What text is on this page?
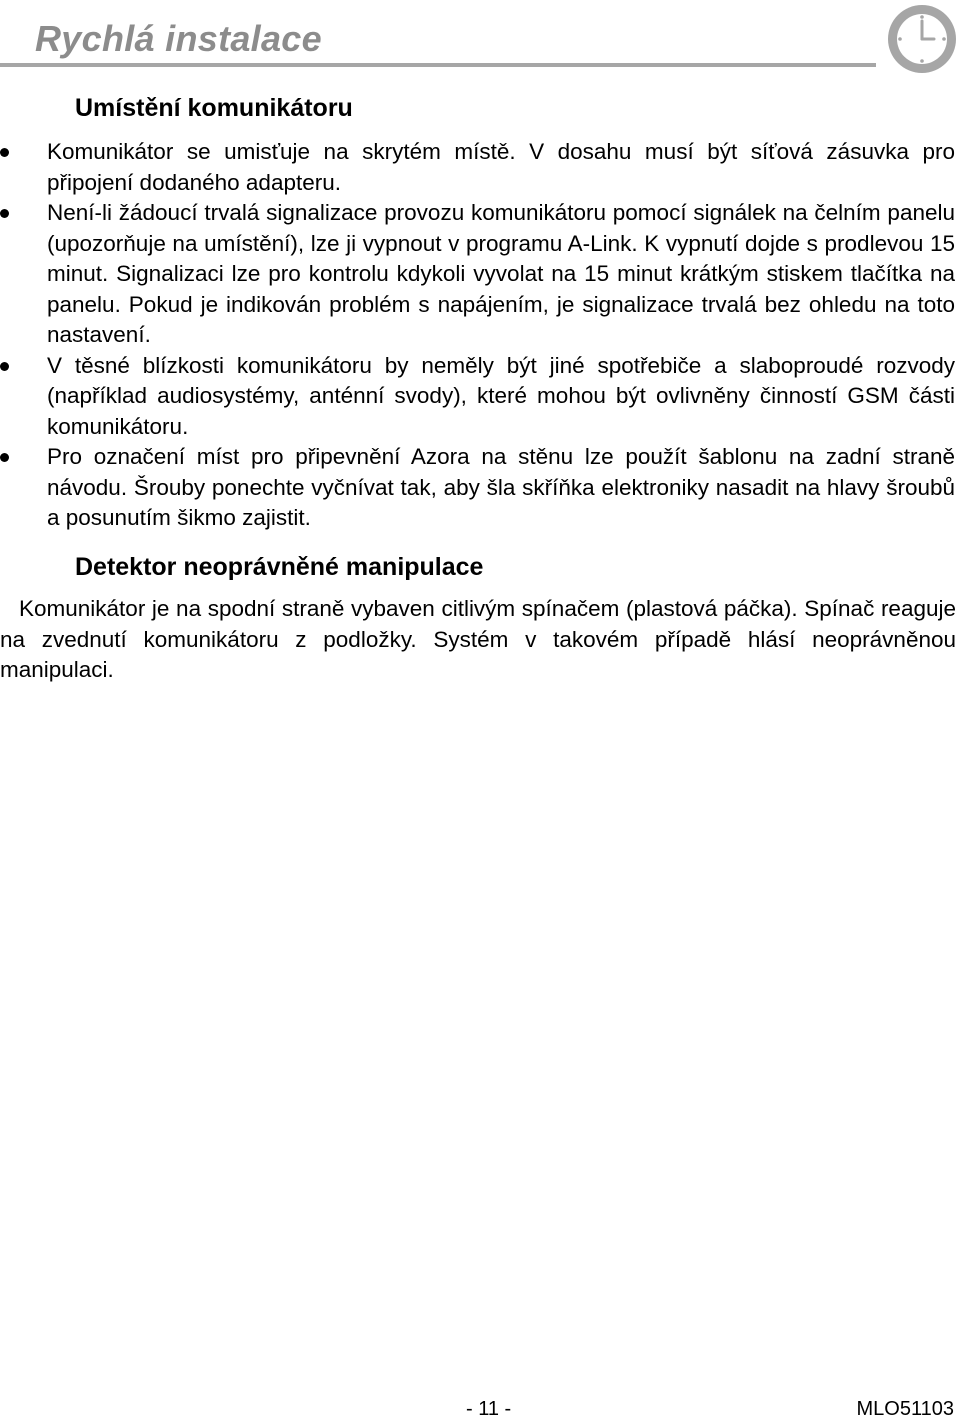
Rychlá instalace
Umístění komunikátoru
Komunikátor se umisťuje na skrytém místě. V dosahu musí být síťová zásuvka pro připojení dodaného adapteru.
Není-li žádoucí trvalá signalizace provozu komunikátoru pomocí signálek na čelním panelu (upozorňuje na umístění), lze ji vypnout v programu A-Link. K vypnutí dojde s prodlevou 15 minut. Signalizaci lze pro kontrolu kdykoli vyvolat na 15 minut krátkým stiskem tlačítka na panelu. Pokud je indikován problém s napájením, je signalizace trvalá bez ohledu na toto nastavení.
V těsné blízkosti komunikátoru by neměly být jiné spotřebiče a slaboproudé rozvody (například audiosystémy, anténní svody), které mohou být ovlivněny činností GSM části komunikátoru.
Pro označení míst pro připevnění Azora na stěnu lze použít šablonu na zadní straně návodu. Šrouby ponechte vyčnívat tak, aby šla skříňka elektroniky nasadit na hlavy šroubů a posunutím šikmo zajistit.
Detektor neoprávněné manipulace

Komunikátor je na spodní straně vybaven citlivým spínačem (plastová páčka). Spínač reaguje na zvednutí komunikátoru z podložky. Systém v takovém případě hlásí neoprávněnou manipulaci.

- 11 -	MLO51103
